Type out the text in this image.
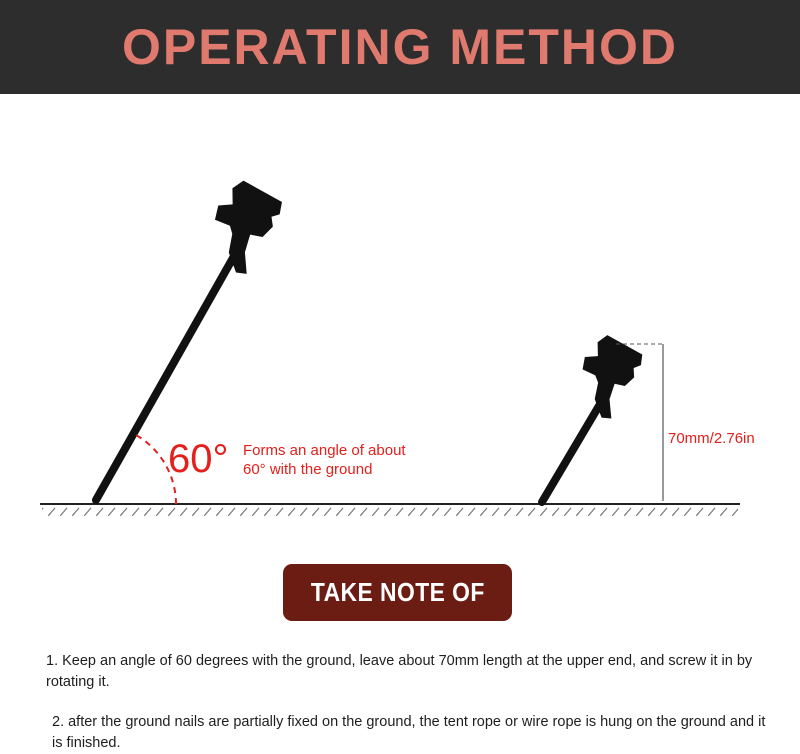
OPERATING METHOD
60° Forms an angle of about
60° with the ground
70mm/2.76in
TAKE NOTE OF

1. Keep an angle of 60 degrees with the ground, leave about 70mm length at the upper end, and screw it in by rotating it.

2. after the ground nails are partially fixed on the ground, the tent rope or wire rope is hung on the ground and it is finished.
